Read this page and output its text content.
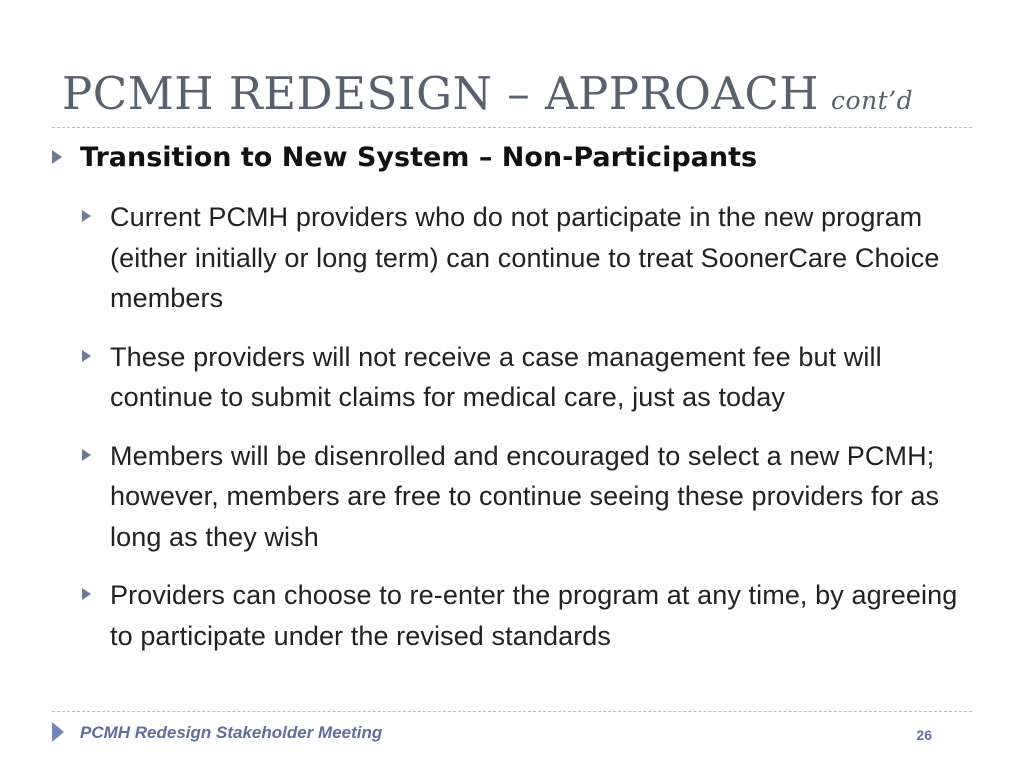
PCMH REDESIGN – APPROACH cont’d
Transition to New System – Non-Participants
Current PCMH providers who do not participate in the new program (either initially or long term) can continue to treat SoonerCare Choice members
These providers will not receive a case management fee but will continue to submit claims for medical care, just as today
Members will be disenrolled and encouraged to select a new PCMH; however, members are free to continue seeing these providers for as long as they wish
Providers can choose to re-enter the program at any time, by agreeing to participate under the revised standards
PCMH Redesign Stakeholder Meeting	26
